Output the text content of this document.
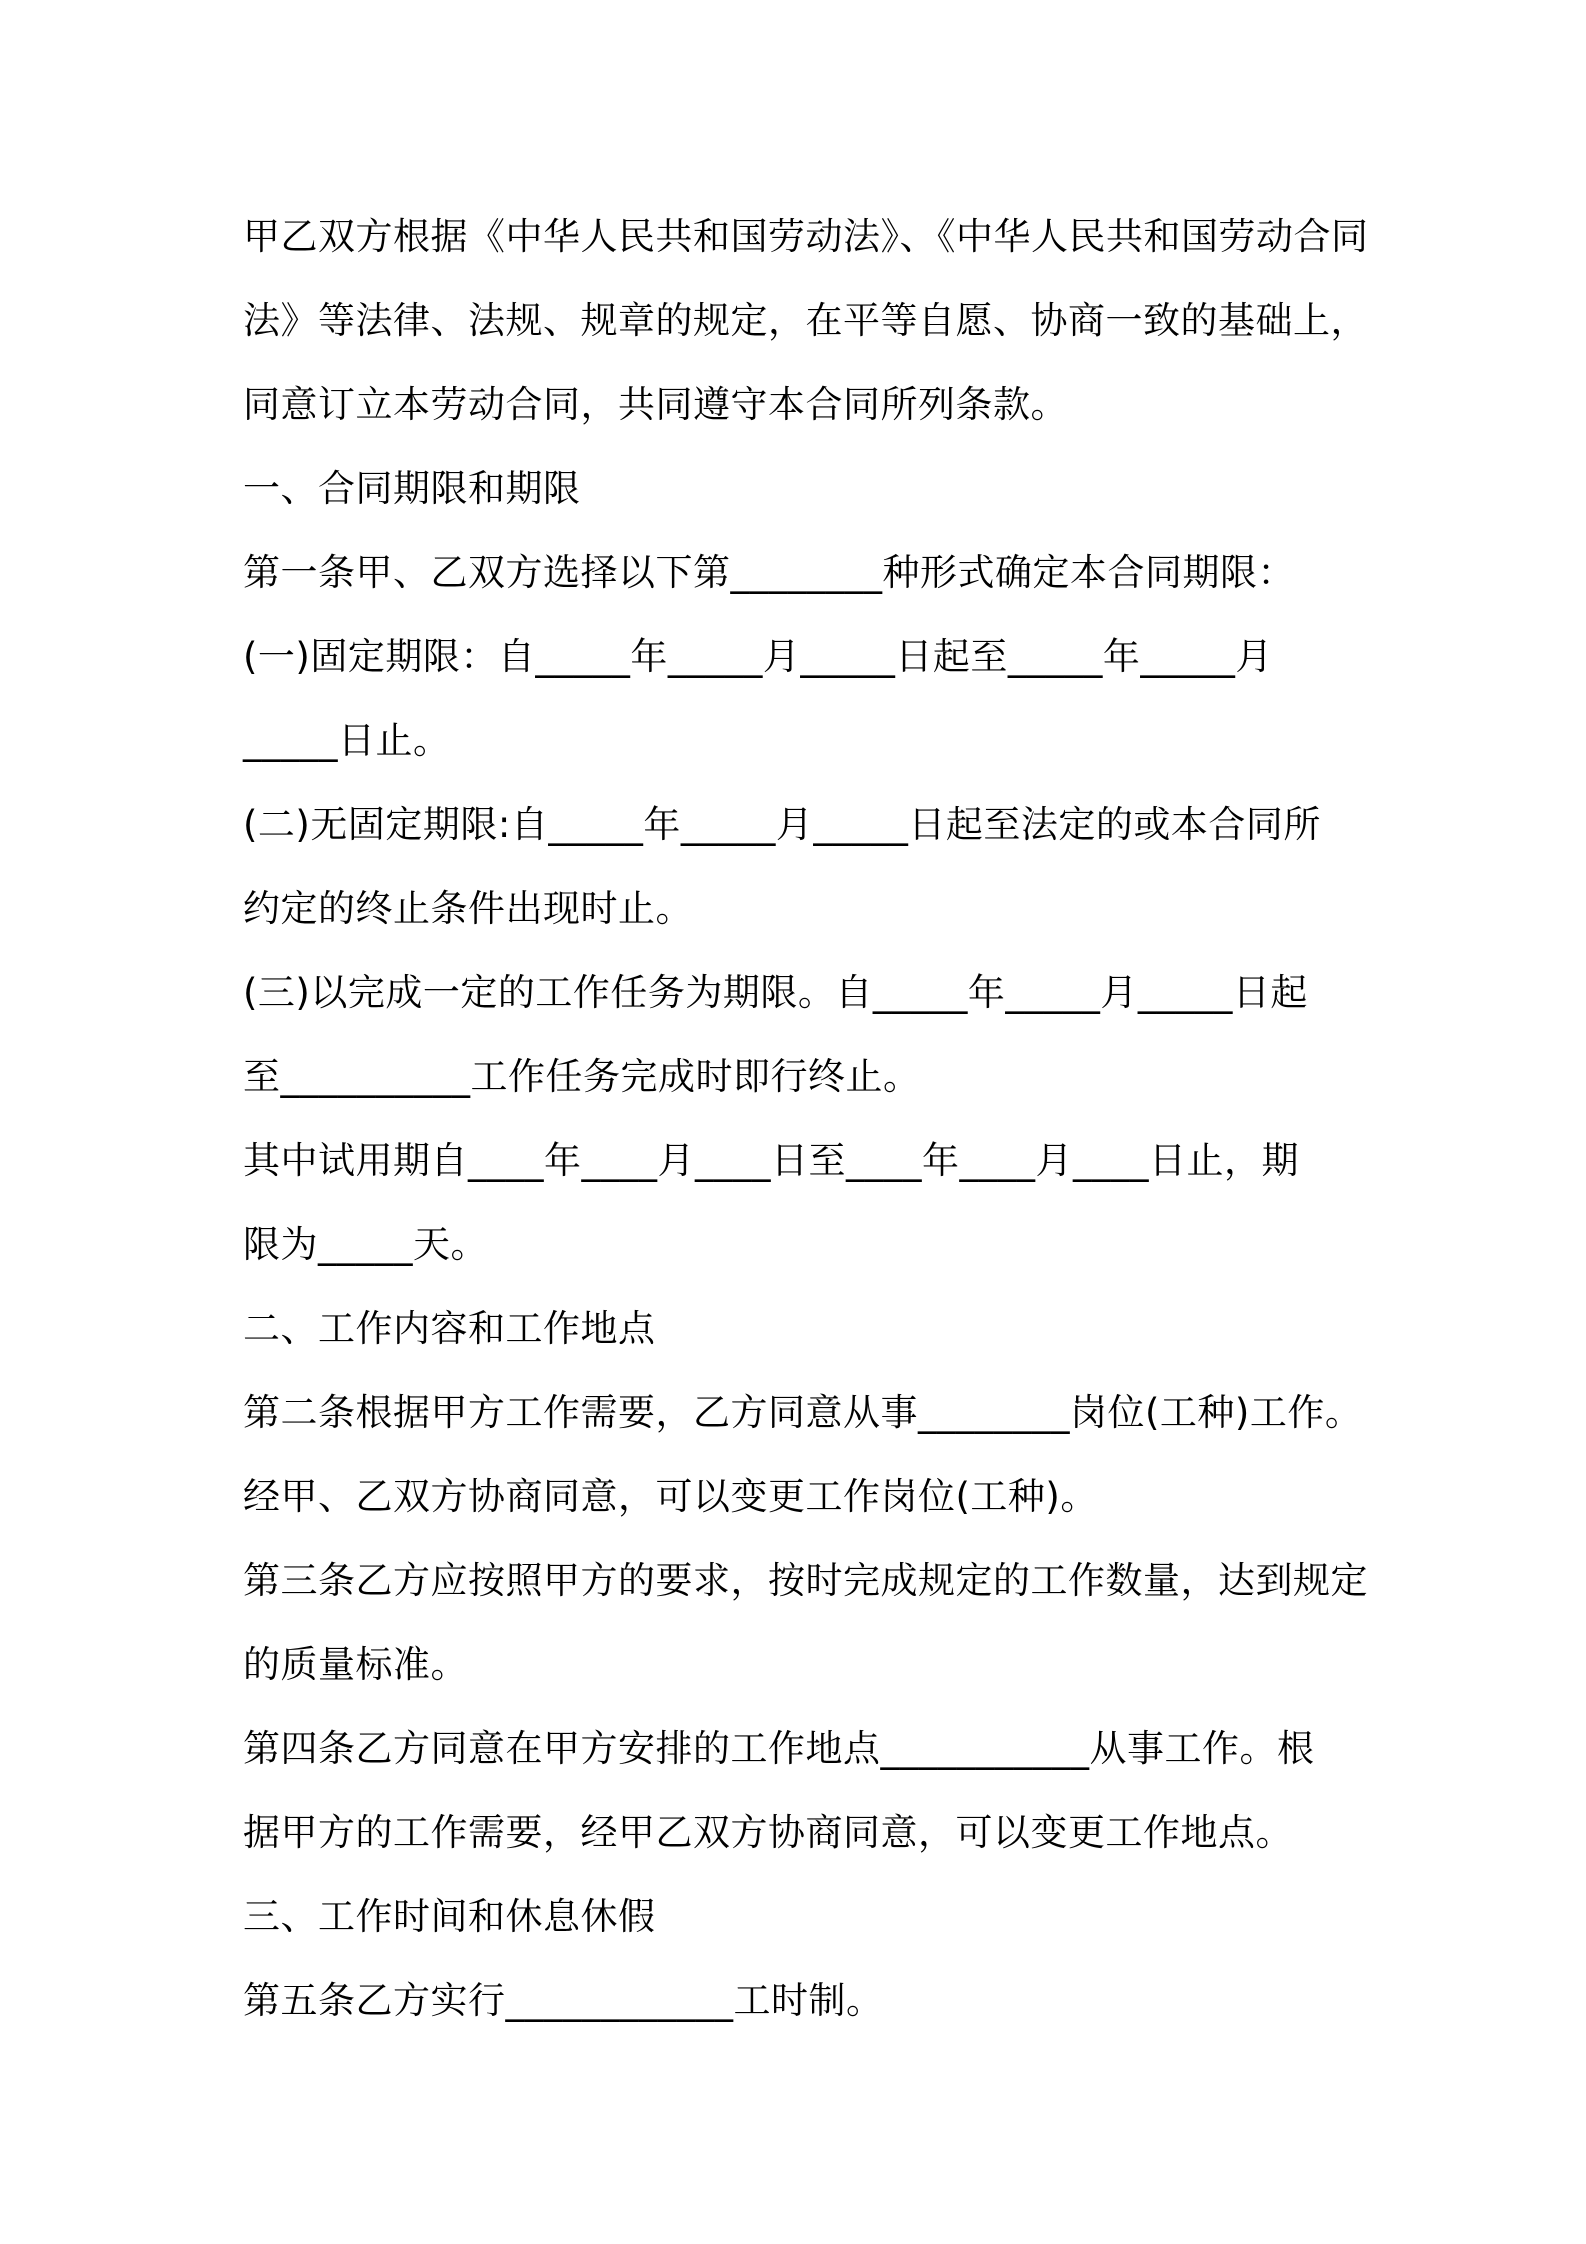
甲乙双方根据《中华人民共和国劳动法》、《中华人民共和国劳动合同
法》等法律、法规、规章的规定，在平等自愿、协商一致的基础上，
同意订立本劳动合同，共同遵守本合同所列条款。
一、合同期限和期限
第一条甲、乙双方选择以下第________种形式确定本合同期限：
(一)固定期限：自_____年_____月_____日起至_____年_____月
_____日止。
(二)无固定期限:自_____年_____月_____日起至法定的或本合同所
约定的终止条件出现时止。
(三)以完成一定的工作任务为期限。自_____年_____月_____日起
至__________工作任务完成时即行终止。
其中试用期自____年____月____日至____年____月____日止，期
限为_____天。
二、工作内容和工作地点
第二条根据甲方工作需要，乙方同意从事________岗位(工种)工作。
经甲、乙双方协商同意，可以变更工作岗位(工种)。
第三条乙方应按照甲方的要求，按时完成规定的工作数量，达到规定
的质量标准。
第四条乙方同意在甲方安排的工作地点___________从事工作。根
据甲方的工作需要，经甲乙双方协商同意，可以变更工作地点。
三、工作时间和休息休假
第五条乙方实行____________工时制。
